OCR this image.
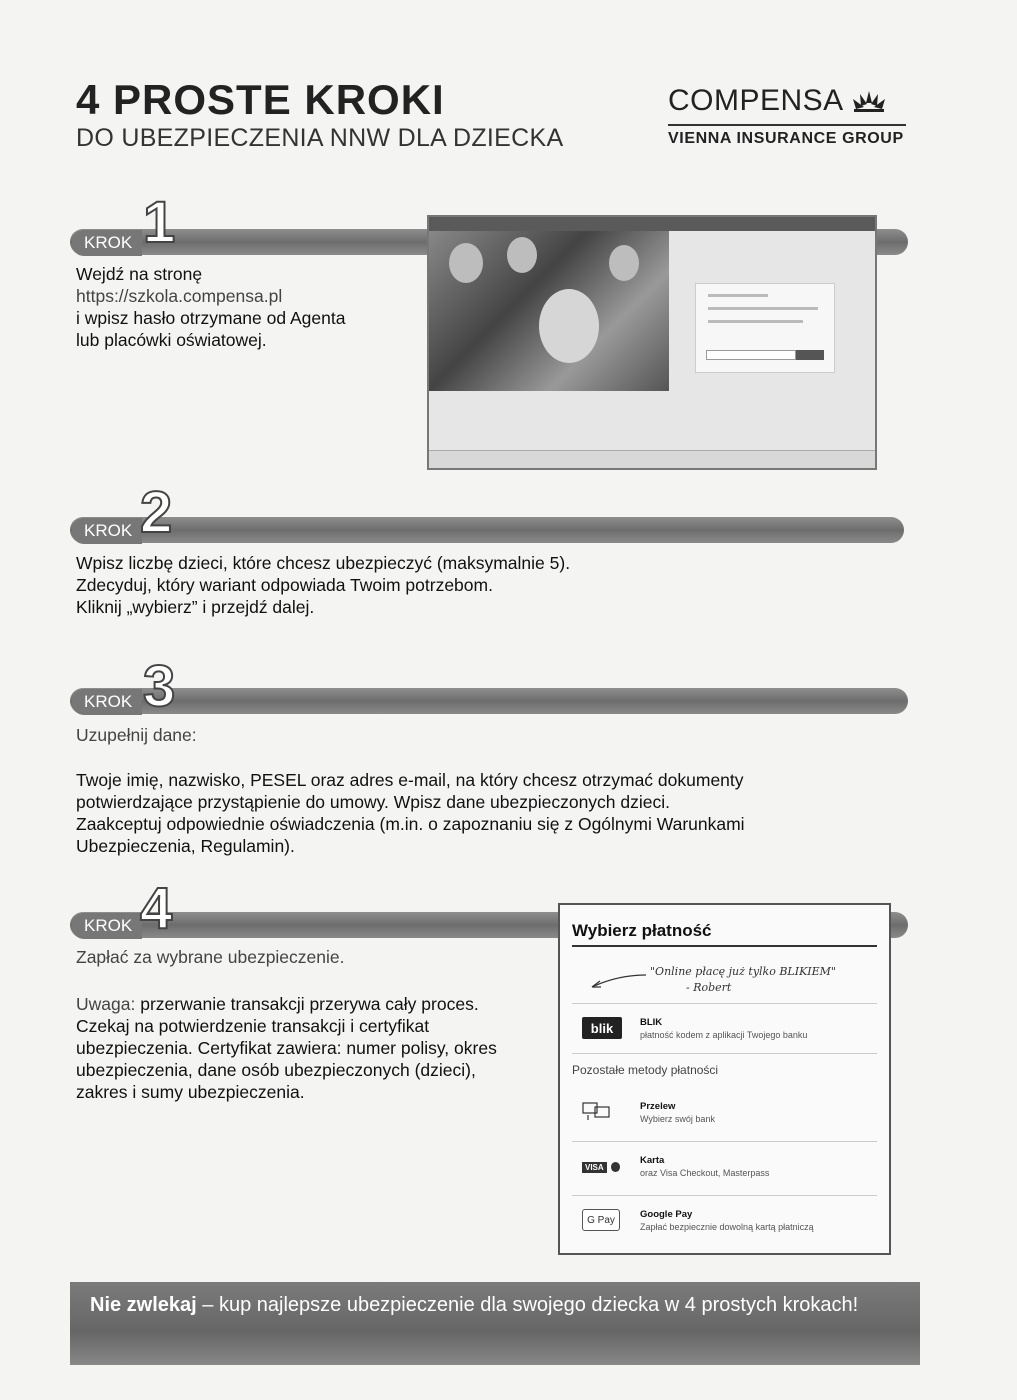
4 PROSTE KROKI
DO UBEZPIECZENIA NNW DLA DZIECKA
COMPENSA
VIENNA INSURANCE GROUP
KROK 1

Wejdź na stronę

https://szkola.compensa.pl

i wpisz hasło otrzymane od Agenta

lub placówki oświatowej.

KROK 2

Wpisz liczbę dzieci, które chcesz ubezpieczyć (maksymalnie 5).

Zdecyduj, który wariant odpowiada Twoim potrzebom.

Kliknij „wybierz” i przejdź dalej.

KROK 3

Uzupełnij dane:

Twoje imię, nazwisko, PESEL oraz adres e-mail, na który chcesz otrzymać dokumenty

potwierdzające przystąpienie do umowy. Wpisz dane ubezpieczonych dzieci.

Zaakceptuj odpowiednie oświadczenia (m.in. o zapoznaniu się z Ogólnymi Warunkami

Ubezpieczenia, Regulamin).

KROK 4

Zapłać za wybrane ubezpieczenie.

Uwaga: przerwanie transakcji przerywa cały proces.

Czekaj na potwierdzenie transakcji i certyfikat

ubezpieczenia. Certyfikat zawiera: numer polisy, okres

ubezpieczenia, dane osób ubezpieczonych (dzieci),

zakres i sumy ubezpieczenia.

Wybierz płatność
"Online płacę już tylko BLIKIEM"
- Robert
blik	BLIK
płatność kodem z aplikacji Twojego banku
Pozostałe metody płatności
Przelew
Wybierz swój bank
VISA
Karta
oraz Visa Checkout, Masterpass
G Pay	Google Pay
Zapłać bezpiecznie dowolną kartą płatniczą
Nie zwlekaj – kup najlepsze ubezpieczenie dla swojego dziecka w 4 prostych krokach!
